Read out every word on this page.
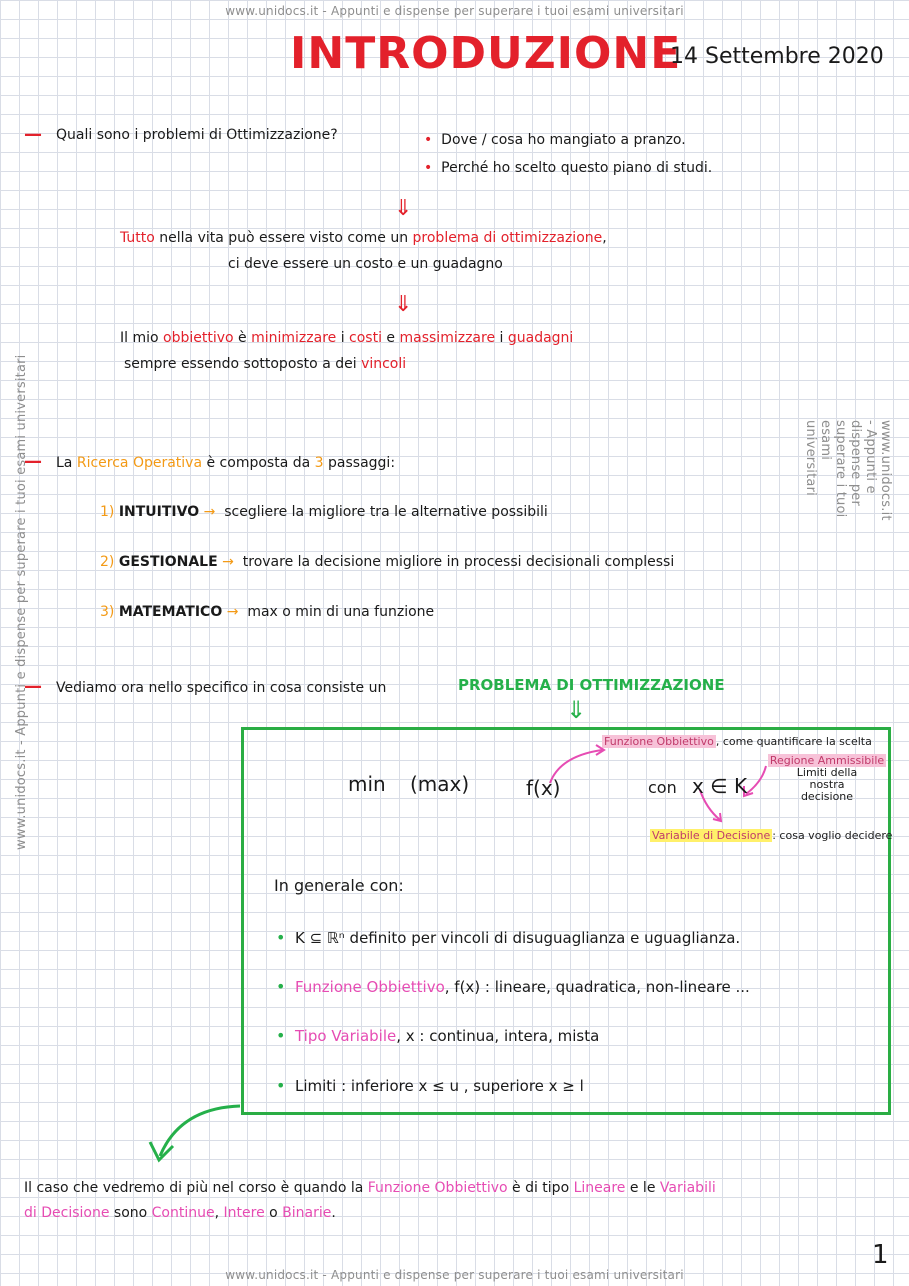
www.unidocs.it - Appunti e dispense per superare i tuoi esami universitari
www.unidocs.it - Appunti e dispense per superare i tuoi esami universitari
www.unidocs.it - Appunti e dispense per superare i tuoi esami universitari	www.unidocs.it - Appunti e dispense per superare i tuoi esami universitari
INTRODUZIONE
14 Settembre 2020
— Quali sono i problemi di Ottimizzazione?	• Dove / cosa ho mangiato a pranzo.
• Perché ho scelto questo piano di studi.
⇓
Tutto nella vita può essere visto come un problema di ottimizzazione,
ci deve essere un costo e un guadagno
⇓
Il mio obbiettivo è minimizzare i costi e massimizzare i guadagni
sempre essendo sottoposto a dei vincoli
— La Ricerca Operativa è composta da 3 passaggi:
1) INTUITIVO → scegliere la migliore tra le alternative possibili
2) GESTIONALE → trovare la decisione migliore in processi decisionali complessi
3) MATEMATICO → max o min di una funzione
— Vediamo ora nello specifico in cosa consiste un	PROBLEMA DI OTTIMIZZAZIONE
⇓
Funzione Obbiettivo , come quantificare la scelta
Regione Ammissibile
Limiti della nostra decisione
Variabile di Decisione : cosa voglio decidere
min (max)	f(x)	con x ∈ K
In generale con:
• K ⊆ ℝⁿ definito per vincoli di disuguaglianza e uguaglianza.
• Funzione Obbiettivo, f(x) : lineare, quadratica, non-lineare ...
• Tipo Variabile, x : continua, intera, mista
• Limiti : inferiore x ≤ u , superiore x ≥ l
Il caso che vedremo di più nel corso è quando la Funzione Obbiettivo è di tipo Lineare e le Variabili
di Decisione sono Continue, Intere o Binarie.
1
